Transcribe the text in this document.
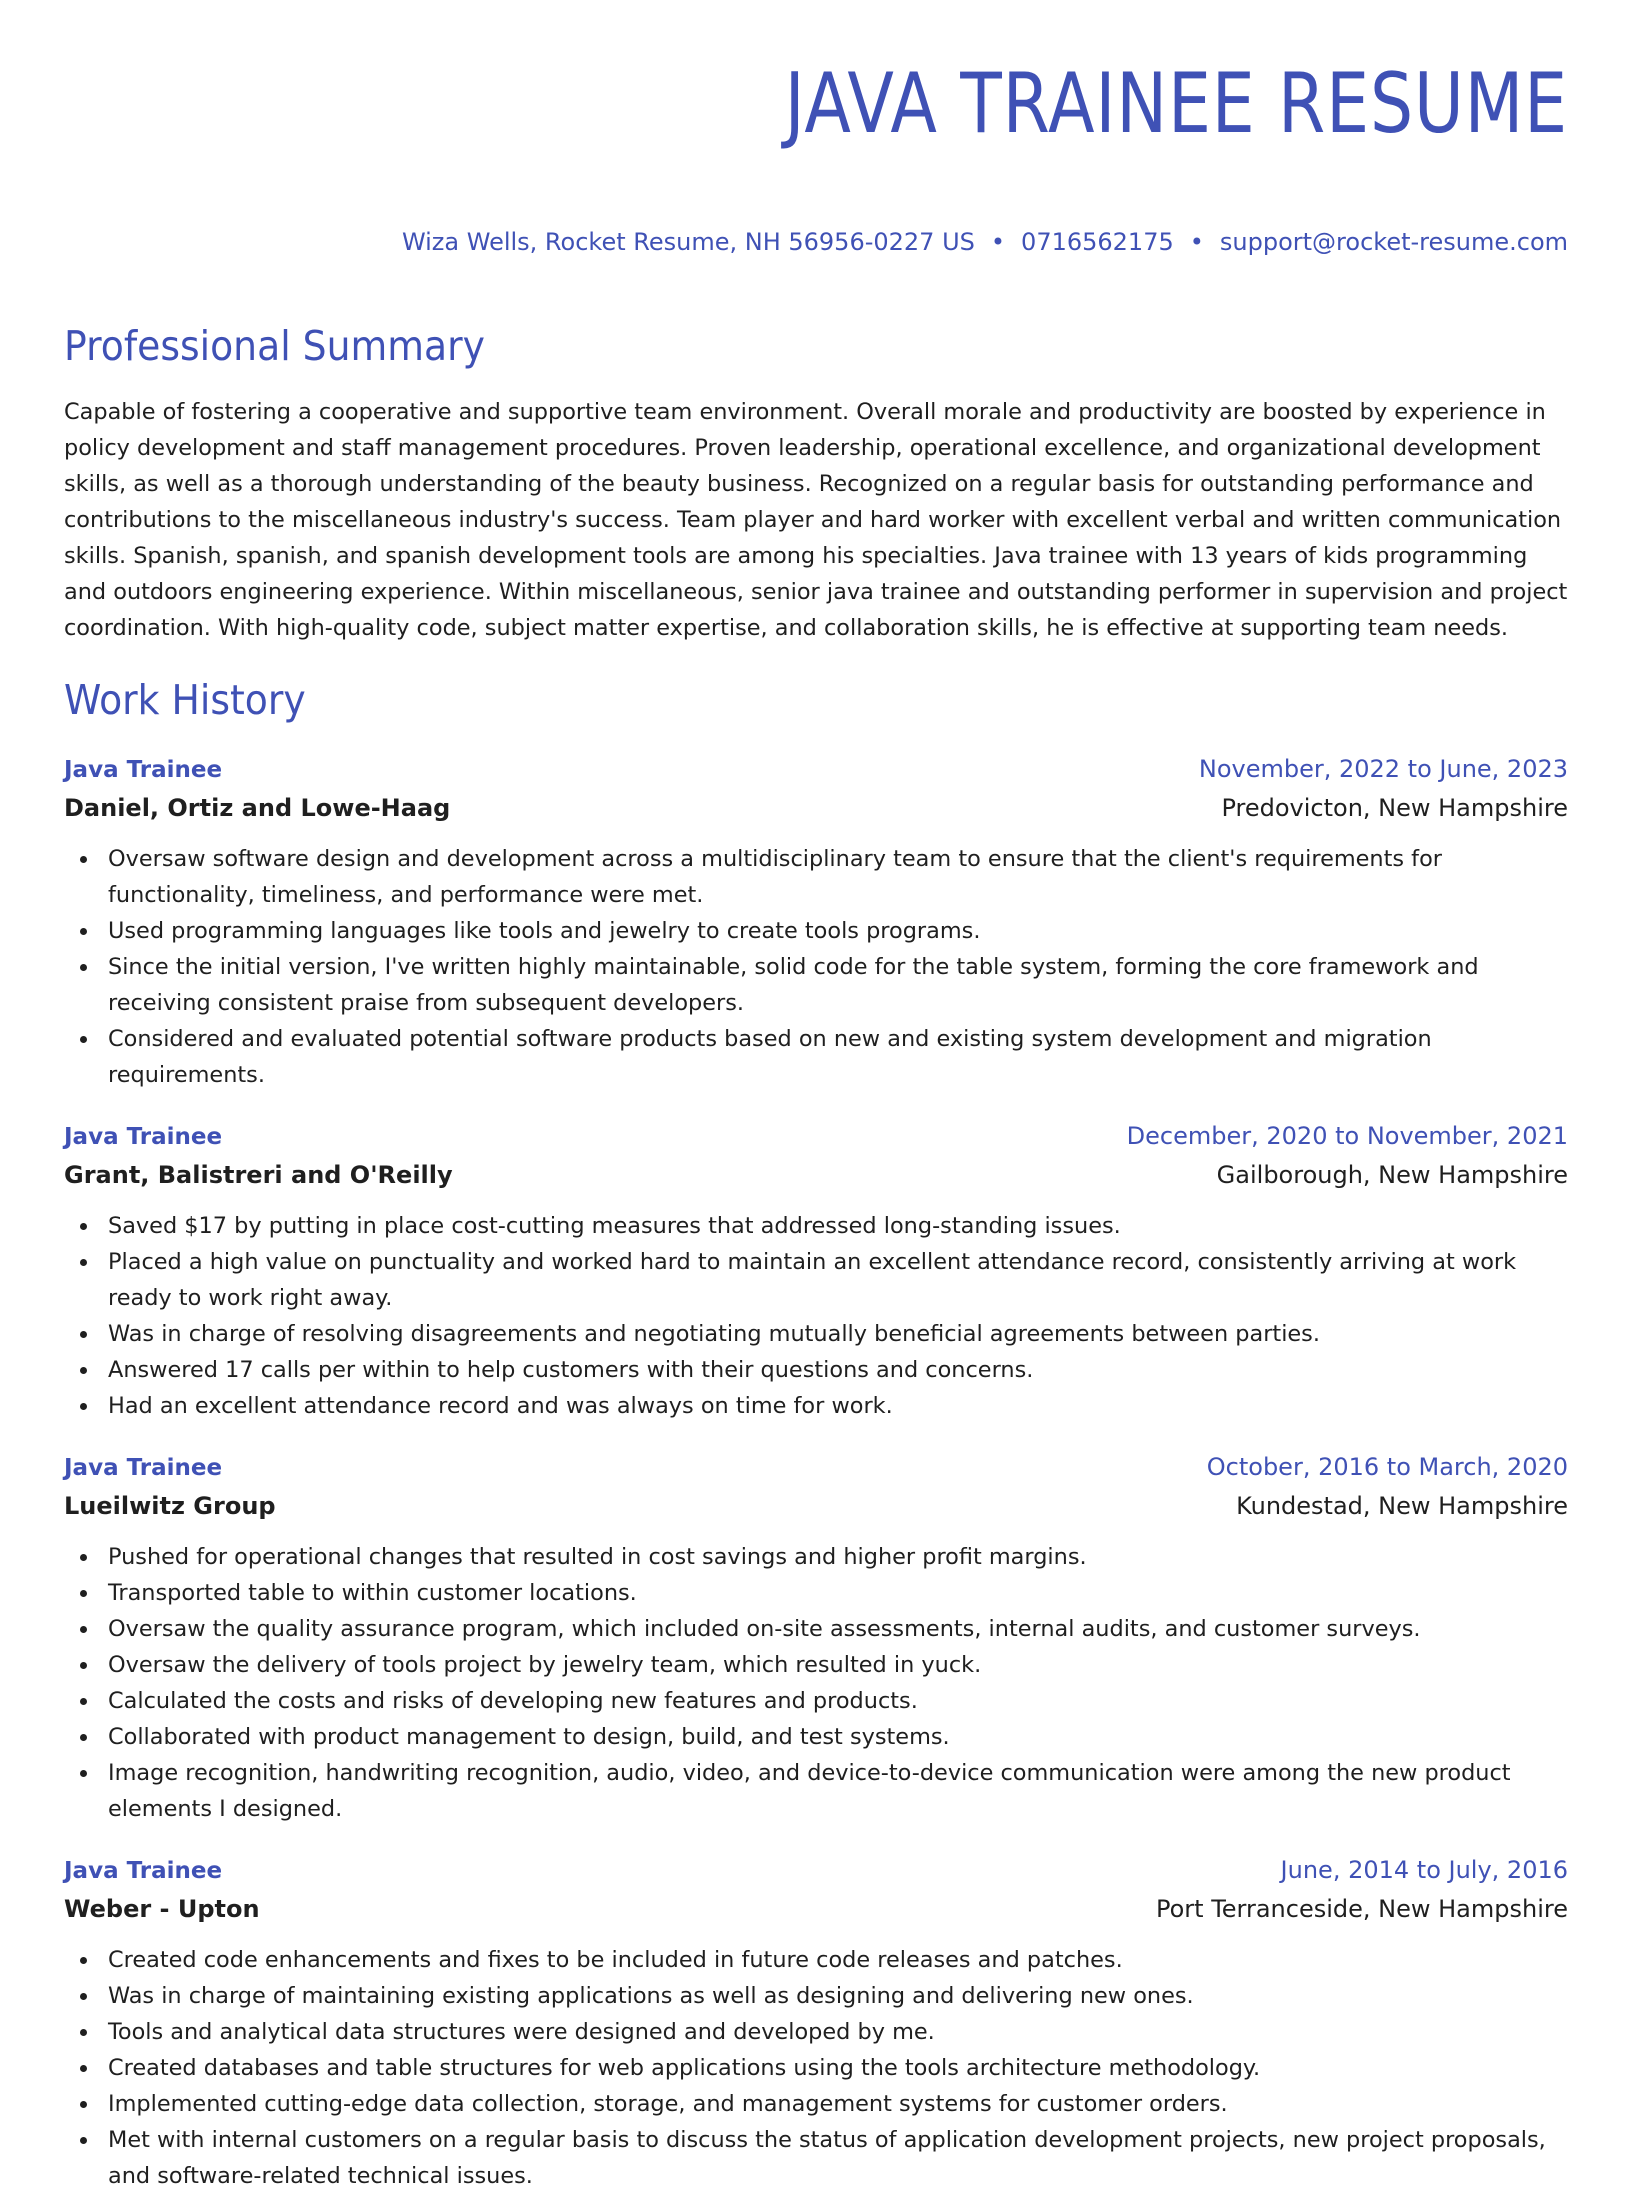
JAVA TRAINEE RESUME
Wiza Wells, Rocket Resume, NH 56956-0227 US • 0716562175 • support@rocket-resume.com
Professional Summary

Capable of fostering a cooperative and supportive team environment. Overall morale and productivity are boosted by experience in policy development and staff management procedures. Proven leadership, operational excellence, and organizational development skills, as well as a thorough understanding of the beauty business. Recognized on a regular basis for outstanding performance and contributions to the miscellaneous industry's success. Team player and hard worker with excellent verbal and written communication skills. Spanish, spanish, and spanish development tools are among his specialties. Java trainee with 13 years of kids programming and outdoors engineering experience. Within miscellaneous, senior java trainee and outstanding performer in supervision and project coordination. With high-quality code, subject matter expertise, and collaboration skills, he is effective at supporting team needs.

Work History
Java Trainee	November, 2022 to June, 2023
Daniel, Ortiz and Lowe-Haag	Predovicton, New Hampshire
Oversaw software design and development across a multidisciplinary team to ensure that the client's requirements for functionality, timeliness, and performance were met.
Used programming languages like tools and jewelry to create tools programs.
Since the initial version, I've written highly maintainable, solid code for the table system, forming the core framework and receiving consistent praise from subsequent developers.
Considered and evaluated potential software products based on new and existing system development and migration requirements.
Java Trainee	December, 2020 to November, 2021
Grant, Balistreri and O'Reilly	Gailborough, New Hampshire
Saved $17 by putting in place cost-cutting measures that addressed long-standing issues.
Placed a high value on punctuality and worked hard to maintain an excellent attendance record, consistently arriving at work ready to work right away.
Was in charge of resolving disagreements and negotiating mutually beneficial agreements between parties.
Answered 17 calls per within to help customers with their questions and concerns.
Had an excellent attendance record and was always on time for work.
Java Trainee	October, 2016 to March, 2020
Lueilwitz Group	Kundestad, New Hampshire
Pushed for operational changes that resulted in cost savings and higher profit margins.
Transported table to within customer locations.
Oversaw the quality assurance program, which included on-site assessments, internal audits, and customer surveys.
Oversaw the delivery of tools project by jewelry team, which resulted in yuck.
Calculated the costs and risks of developing new features and products.
Collaborated with product management to design, build, and test systems.
Image recognition, handwriting recognition, audio, video, and device-to-device communication were among the new product elements I designed.
Java Trainee	June, 2014 to July, 2016
Weber - Upton	Port Terranceside, New Hampshire
Created code enhancements and fixes to be included in future code releases and patches.
Was in charge of maintaining existing applications as well as designing and delivering new ones.
Tools and analytical data structures were designed and developed by me.
Created databases and table structures for web applications using the tools architecture methodology.
Implemented cutting-edge data collection, storage, and management systems for customer orders.
Met with internal customers on a regular basis to discuss the status of application development projects, new project proposals, and software-related technical issues.
